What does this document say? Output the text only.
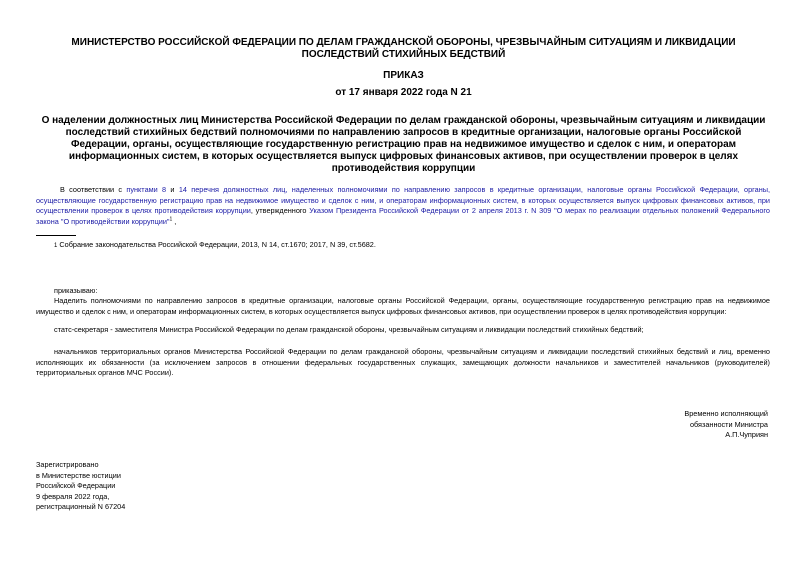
МИНИСТЕРСТВО РОССИЙСКОЙ ФЕДЕРАЦИИ ПО ДЕЛАМ ГРАЖДАНСКОЙ ОБОРОНЫ, ЧРЕЗВЫЧАЙНЫМ СИТУАЦИЯМ И ЛИКВИДАЦИИ ПОСЛЕДСТВИЙ СТИХИЙНЫХ БЕДСТВИЙ
ПРИКАЗ
от 17 января 2022 года N 21
О наделении должностных лиц Министерства Российской Федерации по делам гражданской обороны, чрезвычайным ситуациям и ликвидации последствий стихийных бедствий полномочиями по направлению запросов в кредитные организации, налоговые органы Российской Федерации, органы, осуществляющие государственную регистрацию прав на недвижимое имущество и сделок с ним, и операторам информационных систем, в которых осуществляется выпуск цифровых финансовых активов, при осуществлении проверок в целях противодействия коррупции
В соответствии с пунктами 8 и 14 перечня должностных лиц, наделенных полномочиями по направлению запросов в кредитные организации, налоговые органы Российской Федерации, органы, осуществляющие государственную регистрацию прав на недвижимое имущество и сделок с ним, и операторам информационных систем, в которых осуществляется выпуск цифровых финансовых активов, при осуществлении проверок в целях противодействия коррупции, утвержденного Указом Президента Российской Федерации от 2 апреля 2013 г. N 309 "О мерах по реализации отдельных положений Федерального закона "О противодействии коррупции"$^1$ ,
1 Собрание законодательства Российской Федерации, 2013, N 14, ст.1670; 2017, N 39, ст.5682.
приказываю:
Наделить полномочиями по направлению запросов в кредитные организации, налоговые органы Российской Федерации, органы, осуществляющие государственную регистрацию прав на недвижимое имущество и сделок с ним, и операторам информационных систем, в которых осуществляется выпуск цифровых финансовых активов, при осуществлении проверок в целях противодействия коррупции:
статс-секретаря - заместителя Министра Российской Федерации по делам гражданской обороны, чрезвычайным ситуациям и ликвидации последствий стихийных бедствий;
начальников территориальных органов Министерства Российской Федерации по делам гражданской обороны, чрезвычайным ситуациям и ликвидации последствий стихийных бедствий и лиц, временно исполняющих их обязанности (за исключением запросов в отношении федеральных государственных служащих, замещающих должности начальников и заместителей начальников (руководителей) территориальных органов МЧС России).
Временно исполняющий
обязанности Министра
А.П.Чуприян
Зарегистрировано
в Министерстве юстиции
Российской Федерации
9 февраля 2022 года,
регистрационный N 67204
